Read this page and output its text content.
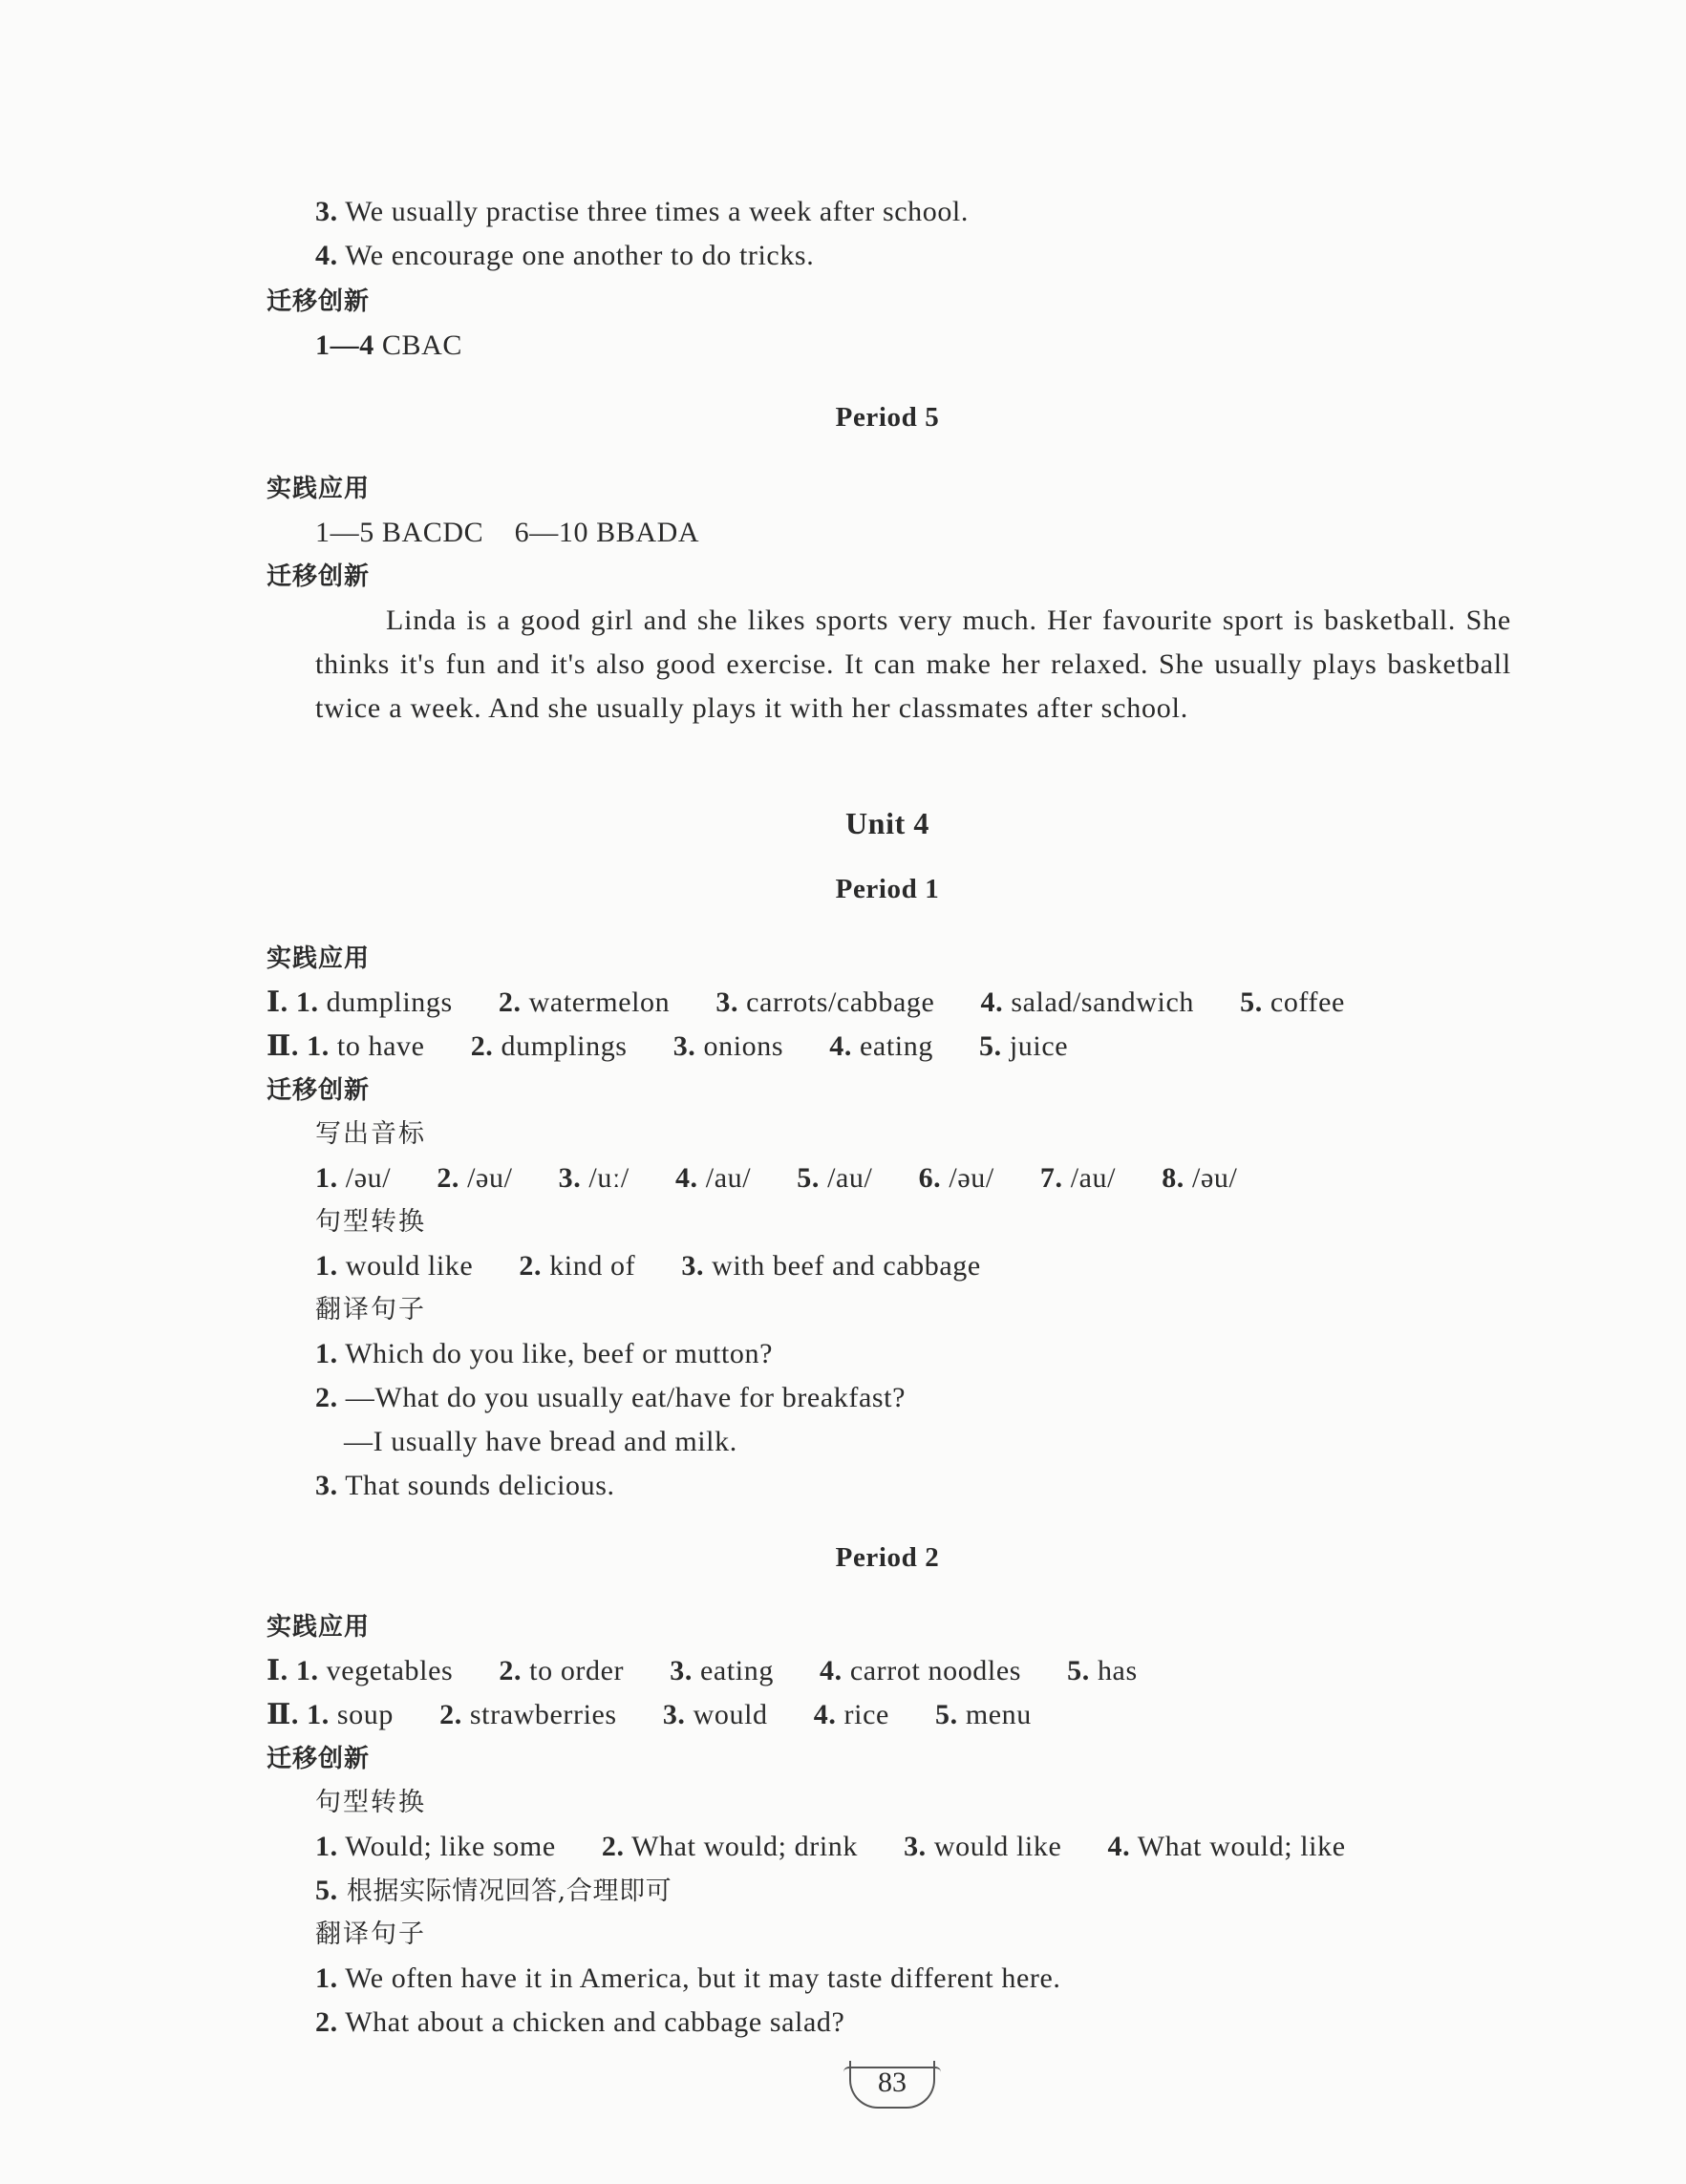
3. We usually practise three times a week after school.
4. We encourage one another to do tricks.
迁移创新
1—4 CBAC
Period 5
实践应用
1—5 BACDC    6—10 BBADA
迁移创新
Linda is a good girl and she likes sports very much. Her favourite sport is basketball. She thinks it's fun and it's also good exercise. It can make her relaxed. She usually plays basketball twice a week. And she usually plays it with her classmates after school.
Unit 4
Period 1
实践应用
Ⅰ. 1. dumplings 2. watermelon 3. carrots/cabbage 4. salad/sandwich 5. coffee
Ⅱ. 1. to have 2. dumplings 3. onions 4. eating 5. juice
迁移创新
写出音标
1. /əu/ 2. /əu/ 3. /uː/ 4. /au/ 5. /au/ 6. /əu/ 7. /au/ 8. /əu/
句型转换
1. would like 2. kind of 3. with beef and cabbage
翻译句子
1. Which do you like, beef or mutton?
2. —What do you usually eat/have for breakfast?
—I usually have bread and milk.
3. That sounds delicious.
Period 2
实践应用
Ⅰ. 1. vegetables 2. to order 3. eating 4. carrot noodles 5. has
Ⅱ. 1. soup 2. strawberries 3. would 4. rice 5. menu
迁移创新
句型转换
1. Would; like some 2. What would; drink 3. would like 4. What would; like
5. 根据实际情况回答,合理即可
翻译句子
1. We often have it in America, but it may taste different here.
2. What about a chicken and cabbage salad?
83
